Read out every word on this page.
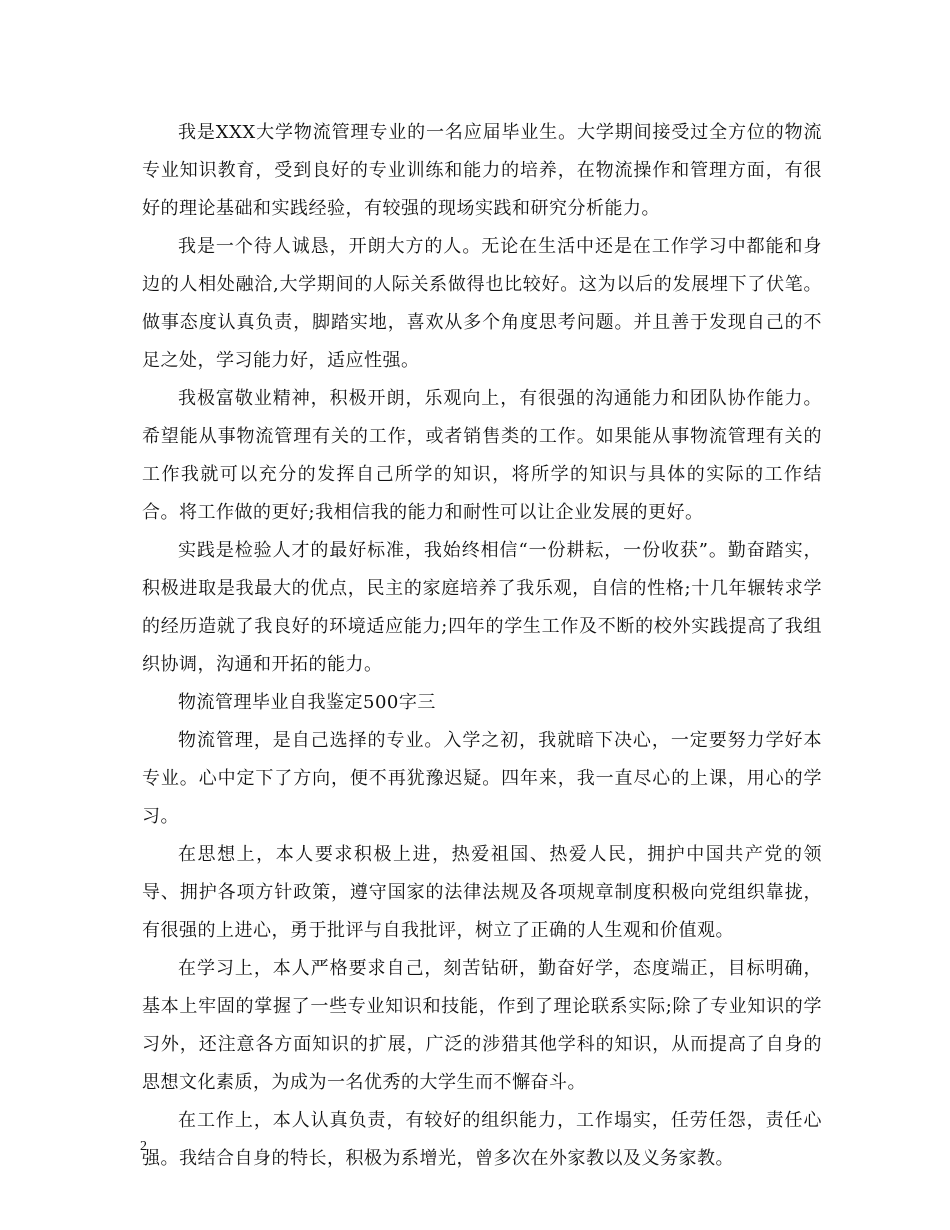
我是XXX大学物流管理专业的一名应届毕业生。大学期间接受过全方位的物流专业知识教育，受到良好的专业训练和能力的培养，在物流操作和管理方面，有很好的理论基础和实践经验，有较强的现场实践和研究分析能力。

我是一个待人诚恳，开朗大方的人。无论在生活中还是在工作学习中都能和身边的人相处融洽,大学期间的人际关系做得也比较好。这为以后的发展埋下了伏笔。做事态度认真负责，脚踏实地，喜欢从多个角度思考问题。并且善于发现自己的不足之处，学习能力好，适应性强。

我极富敬业精神，积极开朗，乐观向上，有很强的沟通能力和团队协作能力。希望能从事物流管理有关的工作，或者销售类的工作。如果能从事物流管理有关的工作我就可以充分的发挥自己所学的知识，将所学的知识与具体的实际的工作结合。将工作做的更好;我相信我的能力和耐性可以让企业发展的更好。

实践是检验人才的最好标准，我始终相信“一份耕耘，一份收获”。勤奋踏实，积极进取是我最大的优点，民主的家庭培养了我乐观，自信的性格;十几年辗转求学的经历造就了我良好的环境适应能力;四年的学生工作及不断的校外实践提高了我组织协调，沟通和开拓的能力。

物流管理毕业自我鉴定500字三

物流管理，是自己选择的专业。入学之初，我就暗下决心，一定要努力学好本专业。心中定下了方向，便不再犹豫迟疑。四年来，我一直尽心的上课，用心的学习。

在思想上，本人要求积极上进，热爱祖国、热爱人民，拥护中国共产党的领导、拥护各项方针政策，遵守国家的法律法规及各项规章制度积极向党组织靠拢，有很强的上进心，勇于批评与自我批评，树立了正确的人生观和价值观。

在学习上，本人严格要求自己，刻苦钻研，勤奋好学，态度端正，目标明确，基本上牢固的掌握了一些专业知识和技能，作到了理论联系实际;除了专业知识的学习外，还注意各方面知识的扩展，广泛的涉猎其他学科的知识，从而提高了自身的思想文化素质，为成为一名优秀的大学生而不懈奋斗。

在工作上，本人认真负责，有较好的组织能力，工作塌实，任劳任怨，责任心强。我结合自身的特长，积极为系增光，曾多次在外家教以及义务家教。

2
